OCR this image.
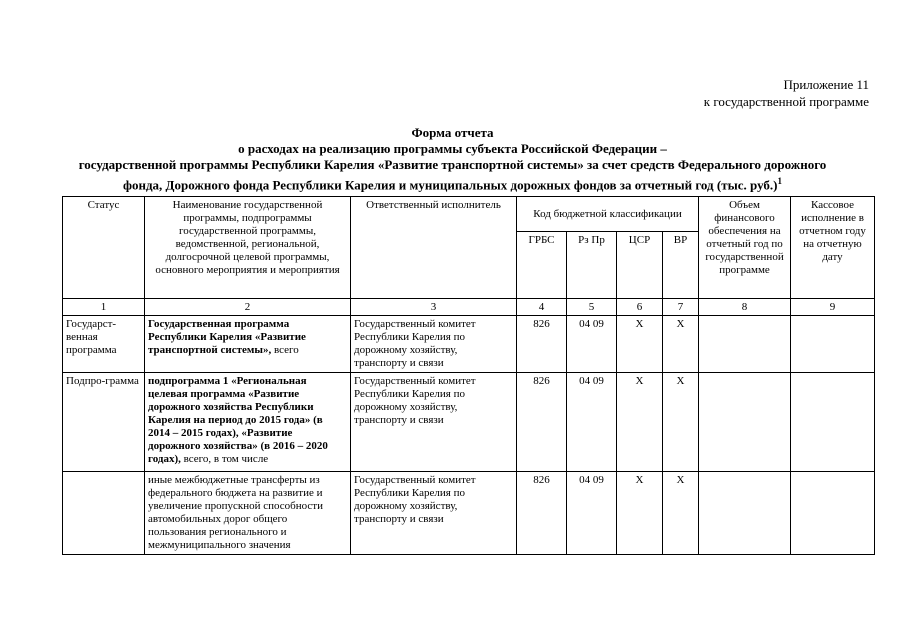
Приложение 11
к государственной программе
Форма отчета
о расходах на реализацию программы субъекта Российской Федерации –
государственной программы Республики Карелия «Развитие транспортной системы» за счет средств Федерального дорожного
фонда, Дорожного фонда Республики Карелия и муниципальных дорожных фондов за отчетный год (тыс. руб.)$^1$
Статус	Наименование государственной программы, подпрограммы государственной программы, ведомственной, региональной, долгосрочной целевой программы, основного мероприятия и мероприятия	Ответственный исполнитель	Код бюджетной классификации				Объем финансового обеспечения на отчетный год по государственной программе	Кассовое исполнение в отчетном году на отчетную дату
			ГРБС	Рз Пр	ЦСР	ВР		
1	2	3	4	5	6	7	8	9
Государст-венная программа	Государственная программа Республики Карелия «Развитие транспортной системы», всего	Государственный комитет Республики Карелия по дорожному хозяйству, транспорту и связи	826	04 09	Х	Х		
Подпро-грамма	подпрограмма 1 «Региональная целевая программа «Развитие дорожного хозяйства Республики Карелия на период до 2015 года» (в 2014 – 2015 годах), «Развитие дорожного хозяйства» (в 2016 – 2020 годах), всего, в том числе	Государственный комитет Республики Карелия по дорожному хозяйству, транспорту и связи	826	04 09	Х	Х		
	иные межбюджетные трансферты из федерального бюджета на развитие и увеличение пропускной способности автомобильных дорог общего пользования регионального и межмуниципального значения	Государственный комитет Республики Карелия по дорожному хозяйству, транспорту и связи	826	04 09	Х	Х		
